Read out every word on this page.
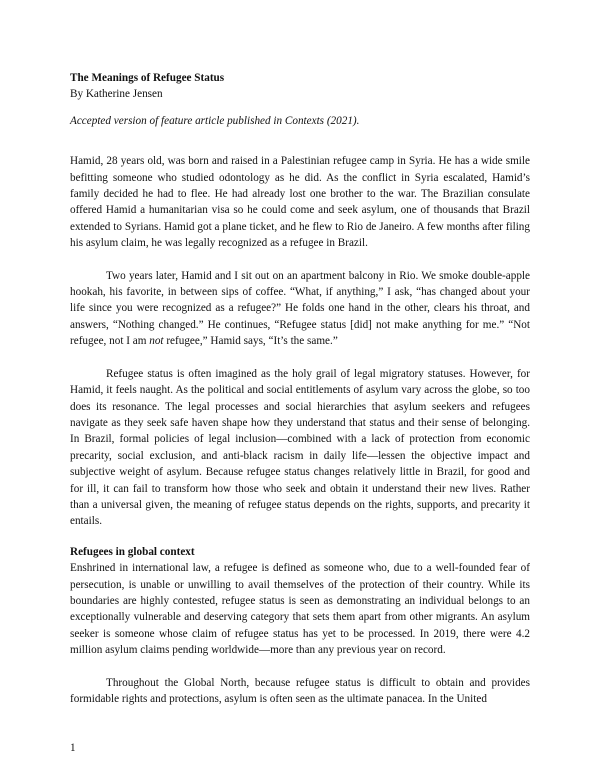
The Meanings of Refugee Status

By Katherine Jensen

Accepted version of feature article published in Contexts (2021).

Hamid, 28 years old, was born and raised in a Palestinian refugee camp in Syria. He has a wide smile befitting someone who studied odontology as he did. As the conflict in Syria escalated, Hamid’s family decided he had to flee. He had already lost one brother to the war. The Brazilian consulate offered Hamid a humanitarian visa so he could come and seek asylum, one of thousands that Brazil extended to Syrians. Hamid got a plane ticket, and he flew to Rio de Janeiro. A few months after filing his asylum claim, he was legally recognized as a refugee in Brazil.

Two years later, Hamid and I sit out on an apartment balcony in Rio. We smoke double-apple hookah, his favorite, in between sips of coffee. “What, if anything,” I ask, “has changed about your life since you were recognized as a refugee?” He folds one hand in the other, clears his throat, and answers, “Nothing changed.” He continues, “Refugee status [did] not make anything for me.” “Not refugee, not I am not refugee,” Hamid says, “It’s the same.”

Refugee status is often imagined as the holy grail of legal migratory statuses. However, for Hamid, it feels naught. As the political and social entitlements of asylum vary across the globe, so too does its resonance. The legal processes and social hierarchies that asylum seekers and refugees navigate as they seek safe haven shape how they understand that status and their sense of belonging. In Brazil, formal policies of legal inclusion—combined with a lack of protection from economic precarity, social exclusion, and anti-black racism in daily life—lessen the objective impact and subjective weight of asylum. Because refugee status changes relatively little in Brazil, for good and for ill, it can fail to transform how those who seek and obtain it understand their new lives. Rather than a universal given, the meaning of refugee status depends on the rights, supports, and precarity it entails.

Refugees in global context

Enshrined in international law, a refugee is defined as someone who, due to a well-founded fear of persecution, is unable or unwilling to avail themselves of the protection of their country. While its boundaries are highly contested, refugee status is seen as demonstrating an individual belongs to an exceptionally vulnerable and deserving category that sets them apart from other migrants. An asylum seeker is someone whose claim of refugee status has yet to be processed. In 2019, there were 4.2 million asylum claims pending worldwide—more than any previous year on record.

Throughout the Global North, because refugee status is difficult to obtain and provides formidable rights and protections, asylum is often seen as the ultimate panacea. In the United

1
